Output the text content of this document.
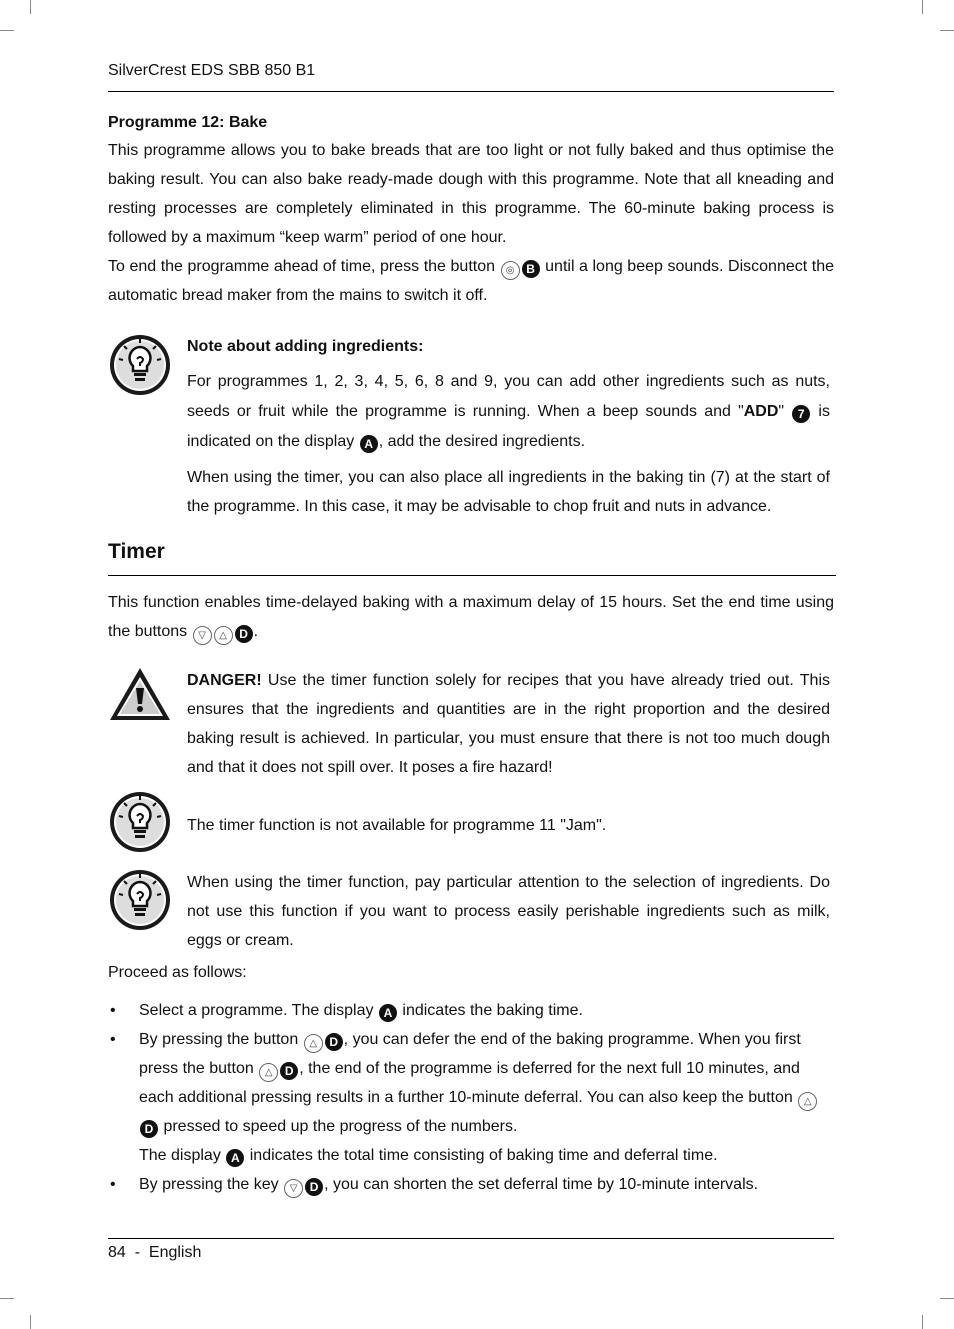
SilverCrest EDS SBB 850 B1
Programme 12: Bake

This programme allows you to bake breads that are too light or not fully baked and thus optimise the baking result. You can also bake ready-made dough with this programme. Note that all kneading and resting processes are completely eliminated in this programme. The 60-minute baking process is followed by a maximum “keep warm” period of one hour.

To end the programme ahead of time, press the button ◎ B until a long beep sounds. Disconnect the automatic bread maker from the mains to switch it off.

Note about adding ingredients:

For programmes 1, 2, 3, 4, 5, 6, 8 and 9, you can add other ingredients such as nuts, seeds or fruit while the programme is running. When a beep sounds and "ADD" 7 is indicated on the display A , add the desired ingredients.

When using the timer, you can also place all ingredients in the baking tin (7) at the start of the programme. In this case, it may be advisable to chop fruit and nuts in advance.

Timer

This function enables time-delayed baking with a maximum delay of 15 hours. Set the end time using the buttons ▽ △ D .

DANGER! Use the timer function solely for recipes that you have already tried out. This ensures that the ingredients and quantities are in the right proportion and the desired baking result is achieved. In particular, you must ensure that there is not too much dough and that it does not spill over. It poses a fire hazard!

The timer function is not available for programme 11 "Jam".

When using the timer function, pay particular attention to the selection of ingredients. Do not use this function if you want to process easily perishable ingredients such as milk, eggs or cream.

Proceed as follows:

• Select a programme. The display A indicates the baking time.
• By pressing the button △ D , you can defer the end of the baking programme. When you first press the button △ D , the end of the programme is deferred for the next full 10 minutes, and each additional pressing results in a further 10-minute deferral. You can also keep the button △D pressed to speed up the progress of the numbers.
The display A indicates the total time consisting of baking time and deferral time.
• By pressing the key ▽ D , you can shorten the set deferral time by 10-minute intervals.
84  -  English
